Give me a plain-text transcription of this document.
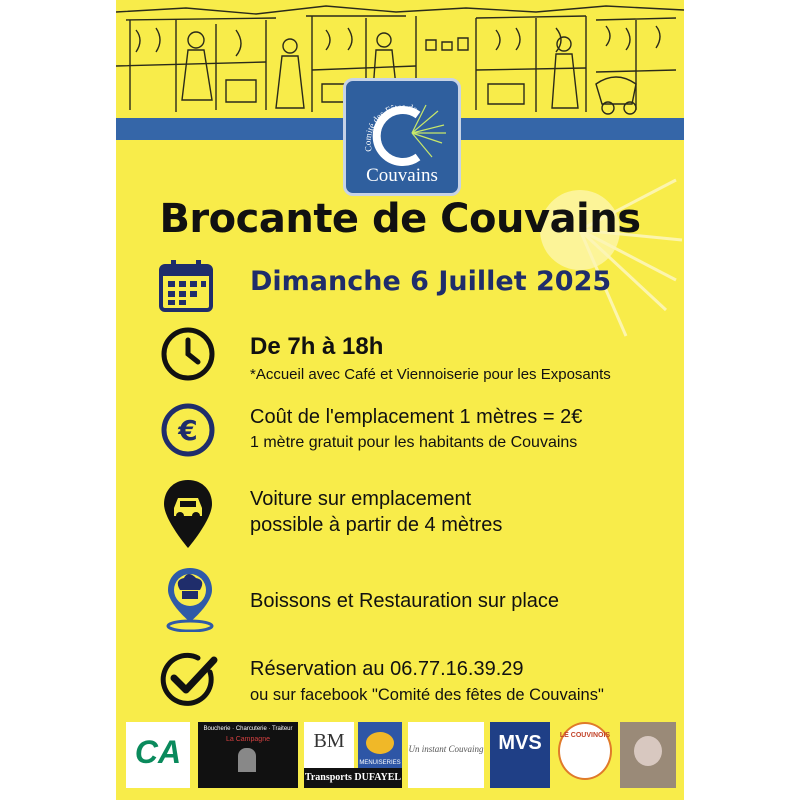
Comité des Fêtes de
Couvains
Brocante de Couvains
Dimanche 6 Juillet 2025
De 7h à 18h
*Accueil avec Café et Viennoiserie pour les Exposants
€	Coût de l'emplacement 1 mètres = 2€
1 mètre gratuit pour les habitants de Couvains
Voiture sur emplacement
possible à partir de 4 mètres
Boissons et Restauration sur place
Réservation au 06.77.16.39.29
ou sur facebook "Comité des fêtes de Couvains"
CA
Boucherie · Charcuterie · Traiteur
La Campagne	BM
MENUISERIES
Un instant Couvaing MVS	LE COUVINOIS
Transports DUFAYEL
